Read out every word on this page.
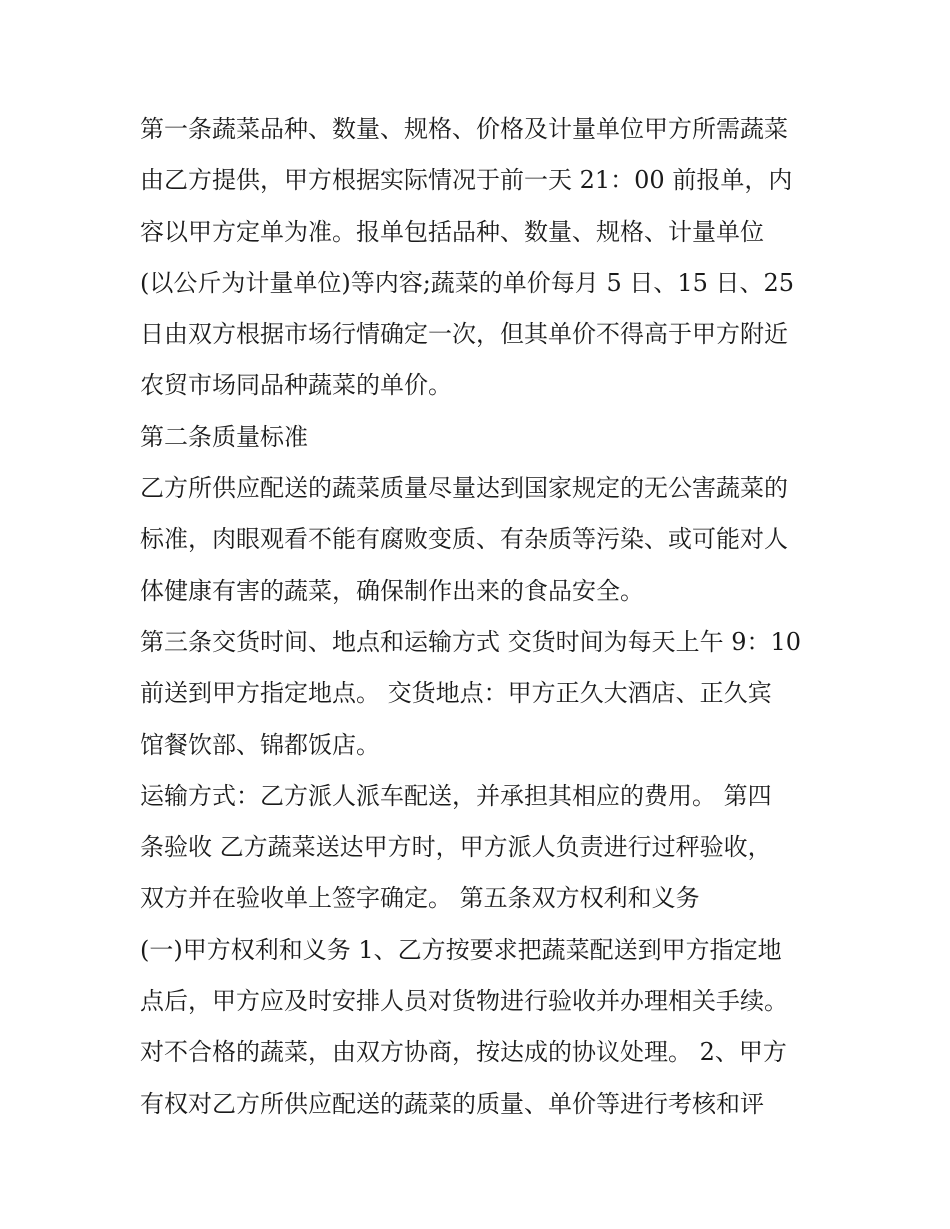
第一条蔬菜品种、数量、规格、价格及计量单位甲方所需蔬菜
由乙方提供，甲方根据实际情况于前一天 21：00 前报单，内
容以甲方定单为准。报单包括品种、数量、规格、计量单位
(以公斤为计量单位)等内容;蔬菜的单价每月 5 日、15 日、25
日由双方根据市场行情确定一次，但其单价不得高于甲方附近
农贸市场同品种蔬菜的单价。
第二条质量标准
乙方所供应配送的蔬菜质量尽量达到国家规定的无公害蔬菜的
标准，肉眼观看不能有腐败变质、有杂质等污染、或可能对人
体健康有害的蔬菜，确保制作出来的食品安全。
第三条交货时间、地点和运输方式 交货时间为每天上午 9：10
前送到甲方指定地点。 交货地点：甲方正久大酒店、正久宾
馆餐饮部、锦都饭店。
运输方式：乙方派人派车配送，并承担其相应的费用。 第四
条验收 乙方蔬菜送达甲方时，甲方派人负责进行过秤验收，
双方并在验收单上签字确定。 第五条双方权利和义务
(一)甲方权利和义务 1、乙方按要求把蔬菜配送到甲方指定地
点后，甲方应及时安排人员对货物进行验收并办理相关手续。
对不合格的蔬菜，由双方协商，按达成的协议处理。 2、甲方
有权对乙方所供应配送的蔬菜的质量、单价等进行考核和评
